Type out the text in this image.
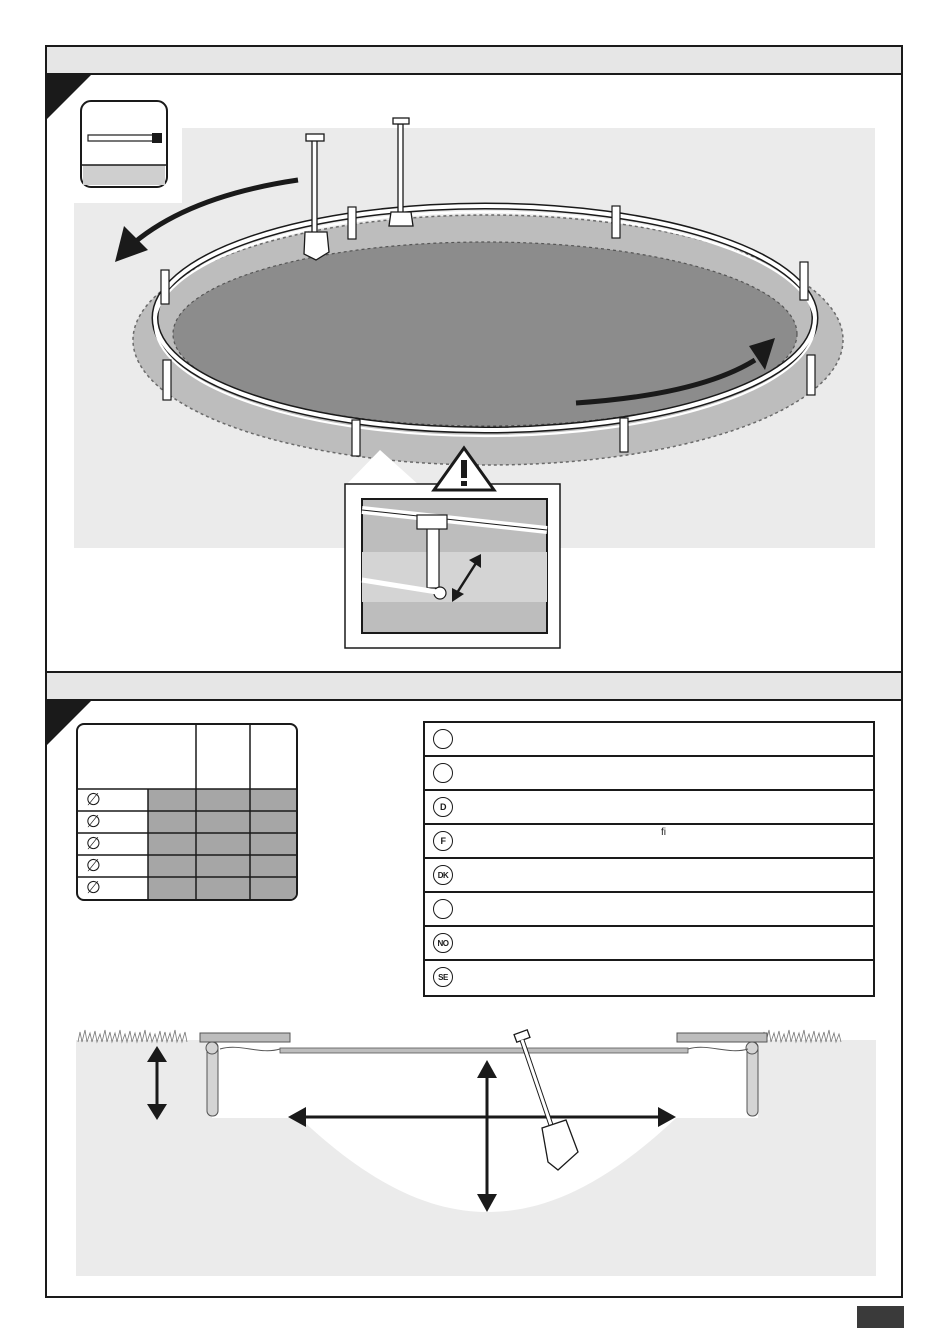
∅
∅
∅
∅
∅
D
F
ﬁ
DK
NO
SE
